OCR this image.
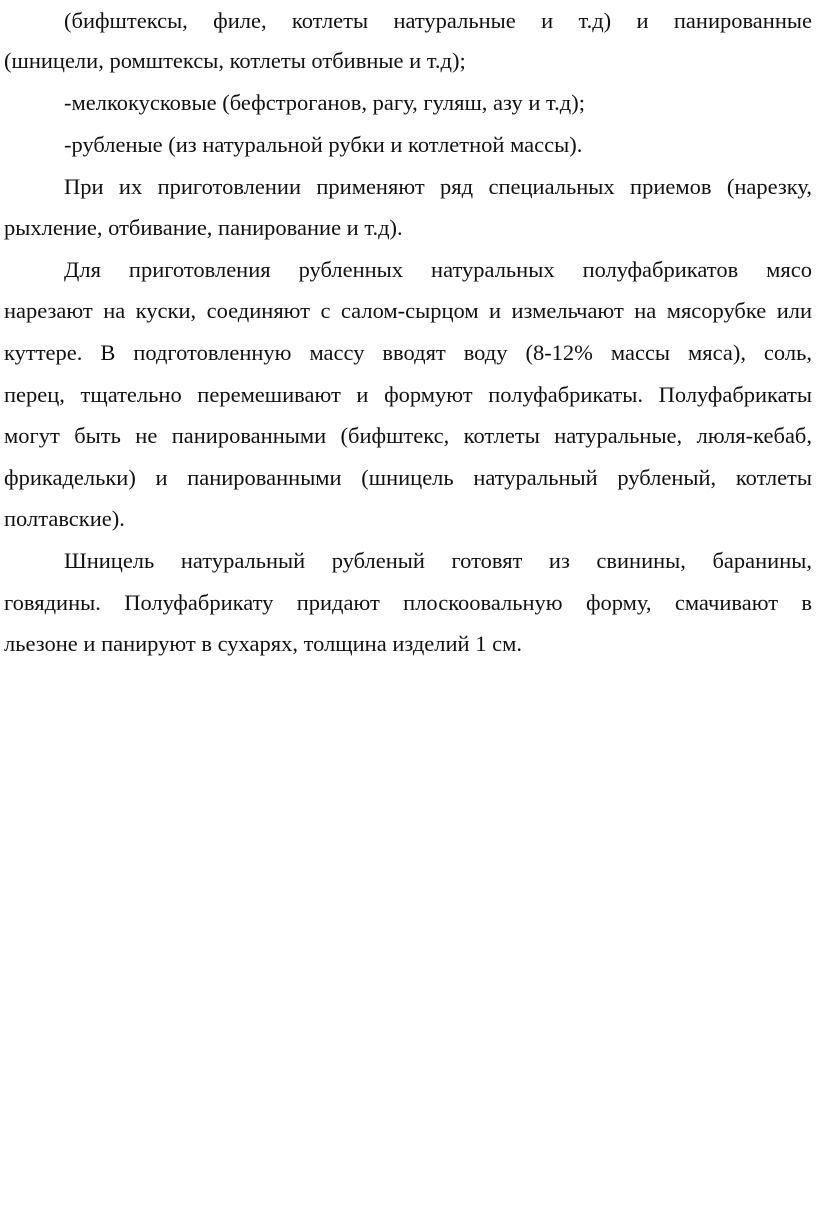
(бифштексы, филе, котлеты натуральные и т.д) и панированные
(шницели, ромштексы, котлеты отбивные и т.д);
-мелкокусковые (бефстроганов, рагу, гуляш, азу и т.д);
-рубленые (из натуральной рубки и котлетной массы).
При их приготовлении применяют ряд специальных приемов (нарезку,
рыхление, отбивание, панирование и т.д).
Для приготовления рубленных натуральных полуфабрикатов мясо
нарезают на куски, соединяют с салом-сырцом и измельчают на мясорубке или
куттере. В подготовленную массу вводят воду (8-12% массы мяса), соль,
перец, тщательно перемешивают и формуют полуфабрикаты. Полуфабрикаты
могут быть не панированными (бифштекс, котлеты натуральные, люля-кебаб,
фрикадельки) и панированными (шницель натуральный рубленый, котлеты
полтавские).
Шницель натуральный рубленый готовят из свинины, баранины,
говядины. Полуфабрикату придают плоскоовальную форму, смачивают в
льезоне и панируют в сухарях, толщина изделий 1 см.
